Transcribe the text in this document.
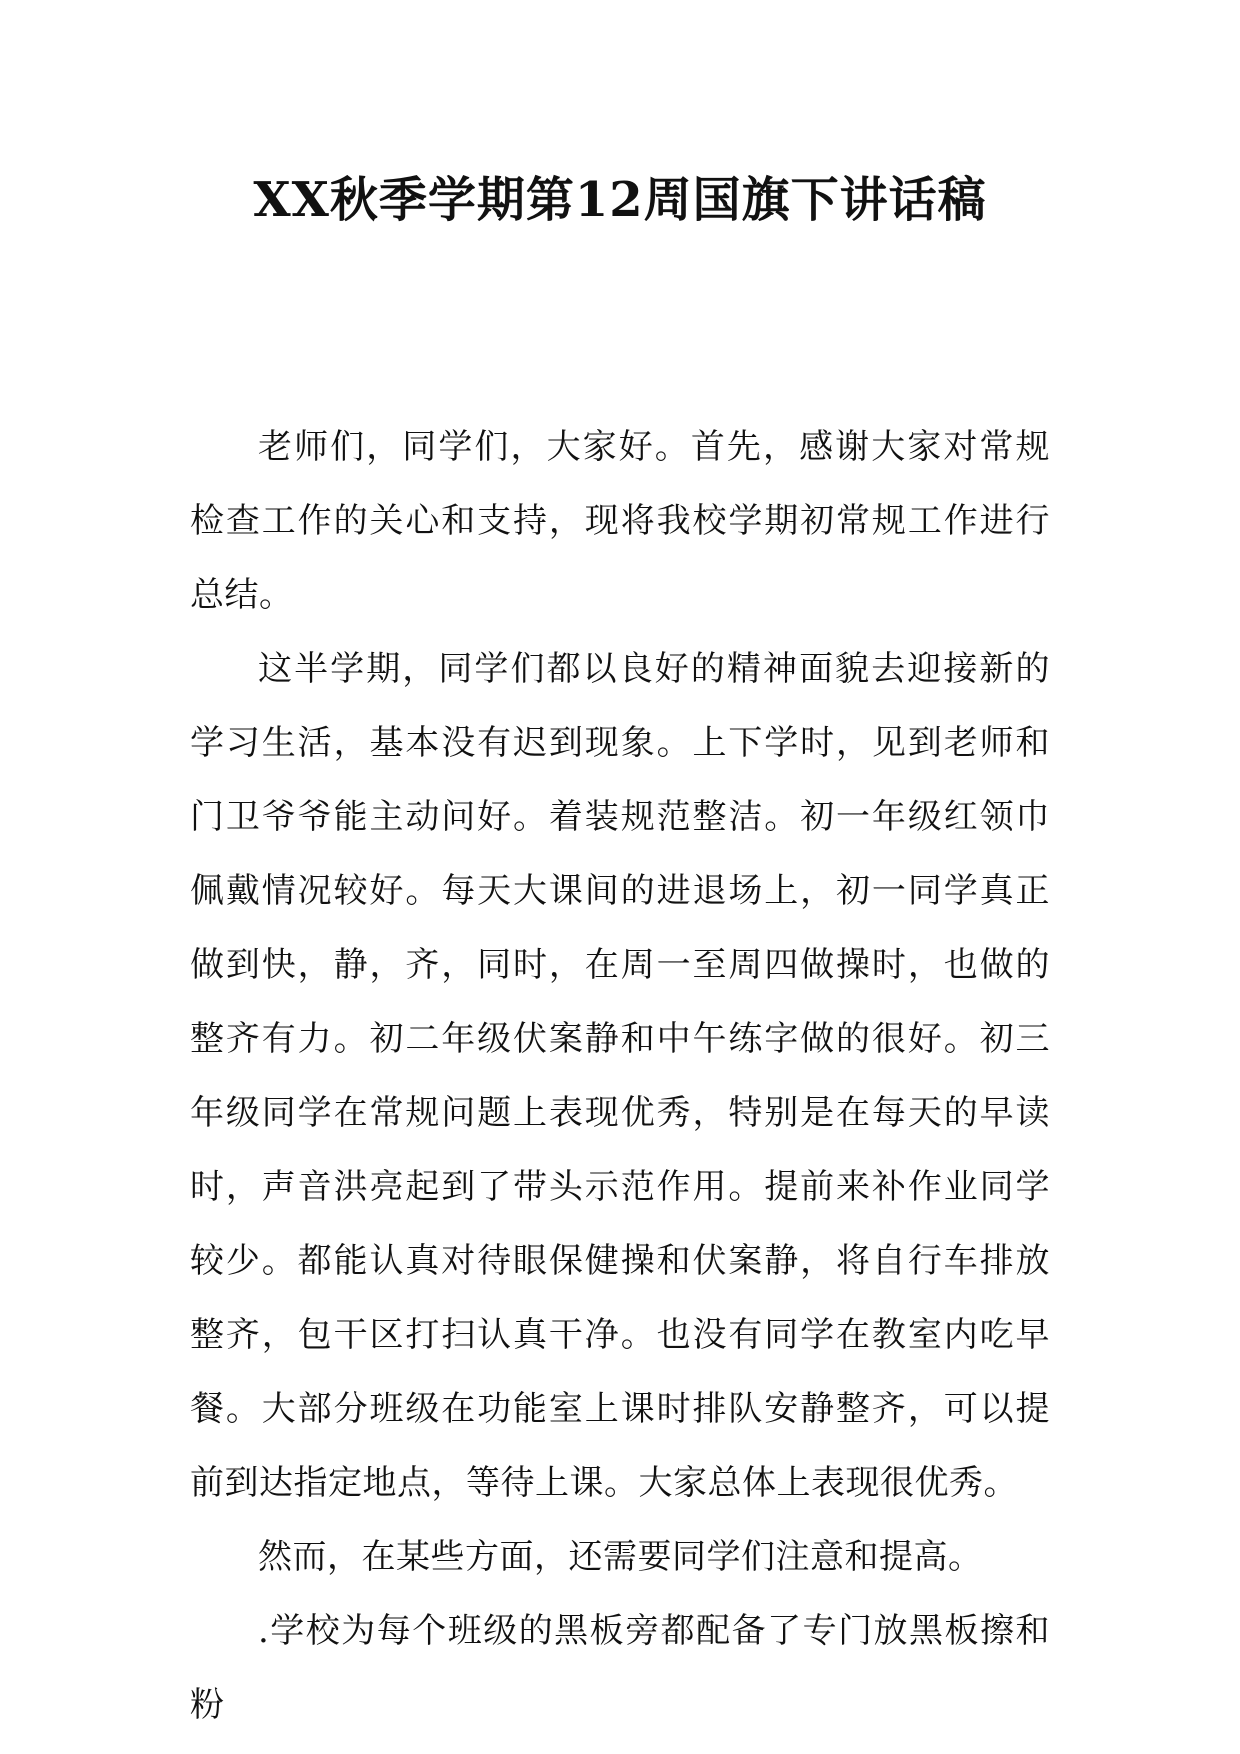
XX秋季学期第12周国旗下讲话稿

老师们，同学们，大家好。首先，感谢大家对常规检查工作的关心和支持，现将我校学期初常规工作进行总结。

这半学期，同学们都以良好的精神面貌去迎接新的学习生活，基本没有迟到现象。上下学时，见到老师和门卫爷爷能主动问好。着装规范整洁。初一年级红领巾佩戴情况较好。每天大课间的进退场上，初一同学真正做到快，静，齐，同时，在周一至周四做操时，也做的整齐有力。初二年级伏案静和中午练字做的很好。初三年级同学在常规问题上表现优秀，特别是在每天的早读时，声音洪亮起到了带头示范作用。提前来补作业同学较少。都能认真对待眼保健操和伏案静，将自行车排放整齐，包干区打扫认真干净。也没有同学在教室内吃早餐。大部分班级在功能室上课时排队安静整齐，可以提前到达指定地点，等待上课。大家总体上表现很优秀。

然而，在某些方面，还需要同学们注意和提高。

.学校为每个班级的黑板旁都配备了专门放黑板擦和粉
